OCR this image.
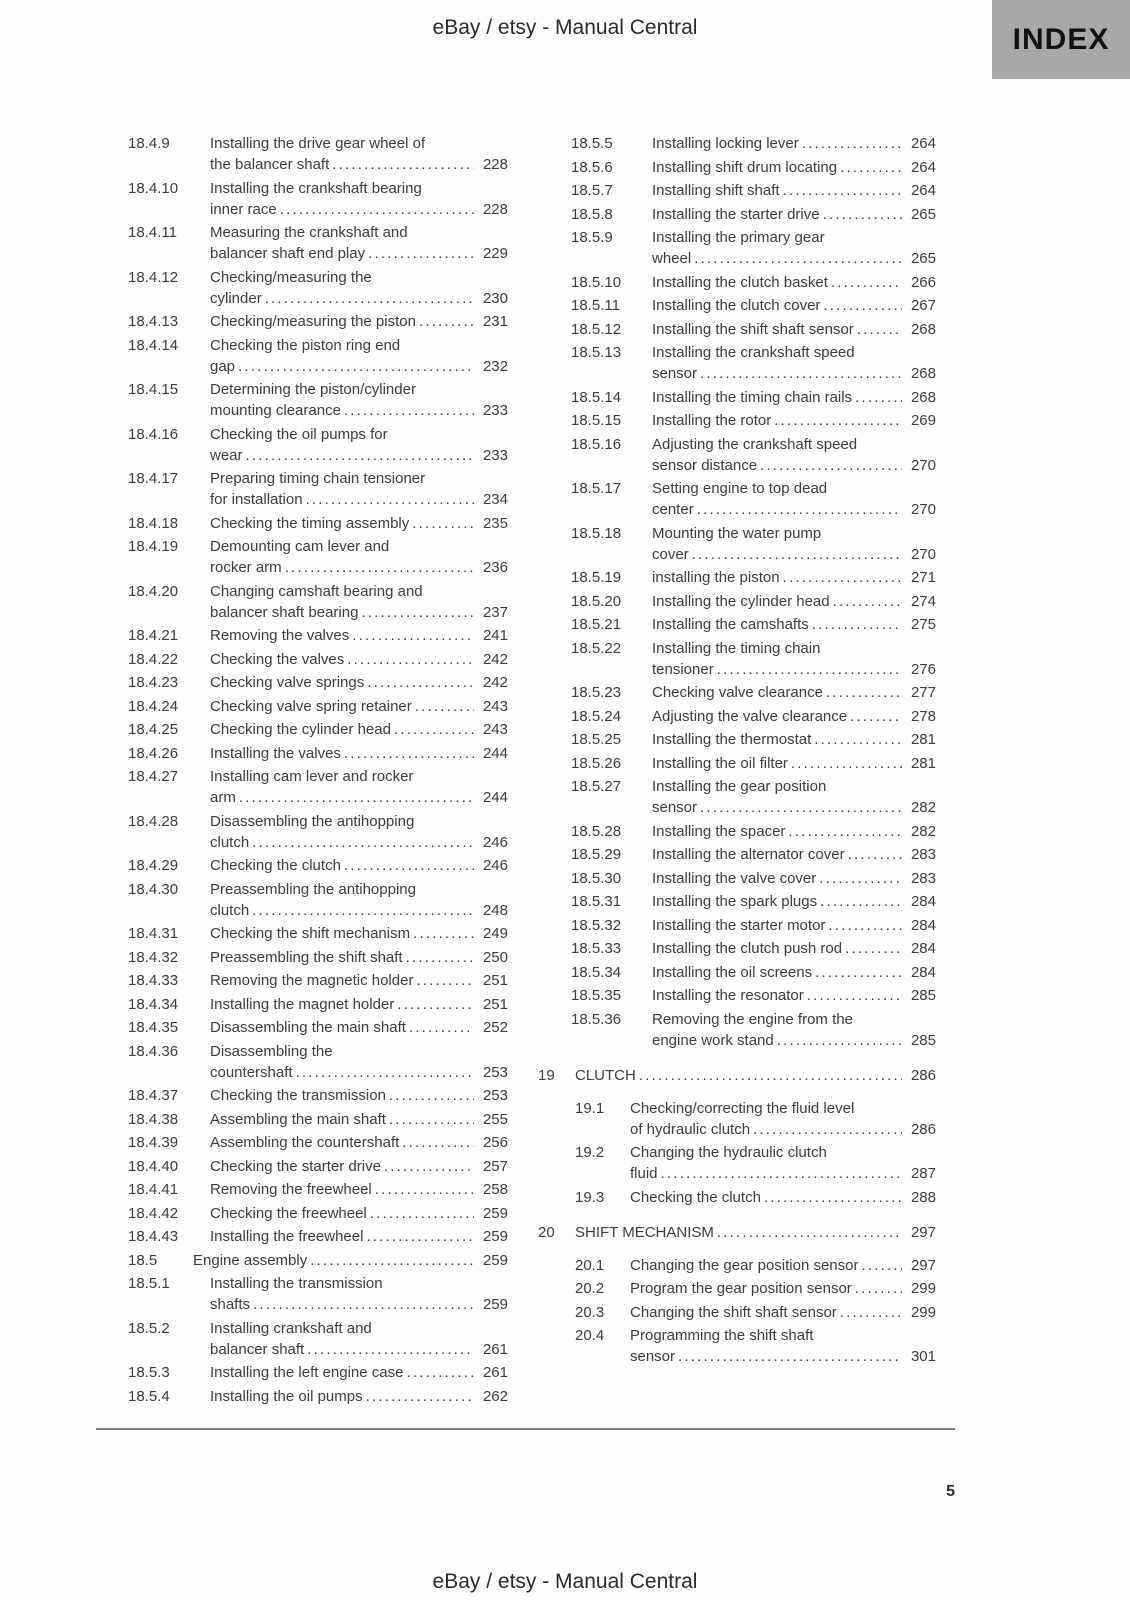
eBay / etsy - Manual Central	INDEX
18.4.9	Installing the drive gear wheel of
the balancer shaft .....	228
18.4.10	Installing the crankshaft bearing
inner race .....	228
18.4.11	Measuring the crankshaft and
balancer shaft end play .....	229
18.4.12	Checking/measuring the
cylinder .....	230
18.4.13	Checking/measuring the piston .....	231
18.4.14	Checking the piston ring end
gap .....	232
18.4.15	Determining the piston/cylinder
mounting clearance .....	233
18.4.16	Checking the oil pumps for
wear .....	233
18.4.17	Preparing timing chain tensioner
for installation .....	234
18.4.18	Checking the timing assembly .....	235
18.4.19	Demounting cam lever and
rocker arm .....	236
18.4.20	Changing camshaft bearing and
balancer shaft bearing .....	237
18.4.21	Removing the valves .....	241
18.4.22	Checking the valves .....	242
18.4.23	Checking valve springs .....	242
18.4.24	Checking valve spring retainer .....	243
18.4.25	Checking the cylinder head .....	243
18.4.26	Installing the valves .....	244
18.4.27	Installing cam lever and rocker
arm .....	244
18.4.28	Disassembling the antihopping
clutch .....	246
18.4.29	Checking the clutch .....	246
18.4.30	Preassembling the antihopping
clutch .....	248
18.4.31	Checking the shift mechanism .....	249
18.4.32	Preassembling the shift shaft .....	250
18.4.33	Removing the magnetic holder .....	251
18.4.34	Installing the magnet holder .....	251
18.4.35	Disassembling the main shaft .....	252
18.4.36	Disassembling the
countershaft .....	253
18.4.37	Checking the transmission .....	253
18.4.38	Assembling the main shaft .....	255
18.4.39	Assembling the countershaft .....	256
18.4.40	Checking the starter drive .....	257
18.4.41	Removing the freewheel .....	258
18.4.42	Checking the freewheel .....	259
18.4.43	Installing the freewheel .....	259
18.5	Engine assembly .....	259
18.5.1	Installing the transmission
shafts .....	259
18.5.2	Installing crankshaft and
balancer shaft .....	261
18.5.3	Installing the left engine case .....	261
18.5.4	Installing the oil pumps .....	262
18.5.5	Installing locking lever .....	264
18.5.6	Installing shift drum locating .....	264
18.5.7	Installing shift shaft .....	264
18.5.8	Installing the starter drive .....	265
18.5.9	Installing the primary gear
wheel .....	265
18.5.10	Installing the clutch basket .....	266
18.5.11	Installing the clutch cover .....	267
18.5.12	Installing the shift shaft sensor .....	268
18.5.13	Installing the crankshaft speed
sensor .....	268
18.5.14	Installing the timing chain rails .....	268
18.5.15	Installing the rotor .....	269
18.5.16	Adjusting the crankshaft speed
sensor distance .....	270
18.5.17	Setting engine to top dead
center .....	270
18.5.18	Mounting the water pump
cover .....	270
18.5.19	installing the piston .....	271
18.5.20	Installing the cylinder head .....	274
18.5.21	Installing the camshafts .....	275
18.5.22	Installing the timing chain
tensioner .....	276
18.5.23	Checking valve clearance .....	277
18.5.24	Adjusting the valve clearance .....	278
18.5.25	Installing the thermostat .....	281
18.5.26	Installing the oil filter .....	281
18.5.27	Installing the gear position
sensor .....	282
18.5.28	Installing the spacer .....	282
18.5.29	Installing the alternator cover .....	283
18.5.30	Installing the valve cover .....	283
18.5.31	Installing the spark plugs .....	284
18.5.32	Installing the starter motor .....	284
18.5.33	Installing the clutch push rod .....	284
18.5.34	Installing the oil screens .....	284
18.5.35	Installing the resonator .....	285
18.5.36	Removing the engine from the
engine work stand .....	285
19	CLUTCH .....	286
19.1	Checking/correcting the fluid level
of hydraulic clutch .....	286
19.2	Changing the hydraulic clutch
fluid .....	287
19.3	Checking the clutch .....	288
20	SHIFT MECHANISM .....	297
20.1	Changing the gear position sensor .....	297
20.2	Program the gear position sensor .....	299
20.3	Changing the shift shaft sensor .....	299
20.4	Programming the shift shaft
sensor .....	301
5
eBay / etsy - Manual Central
